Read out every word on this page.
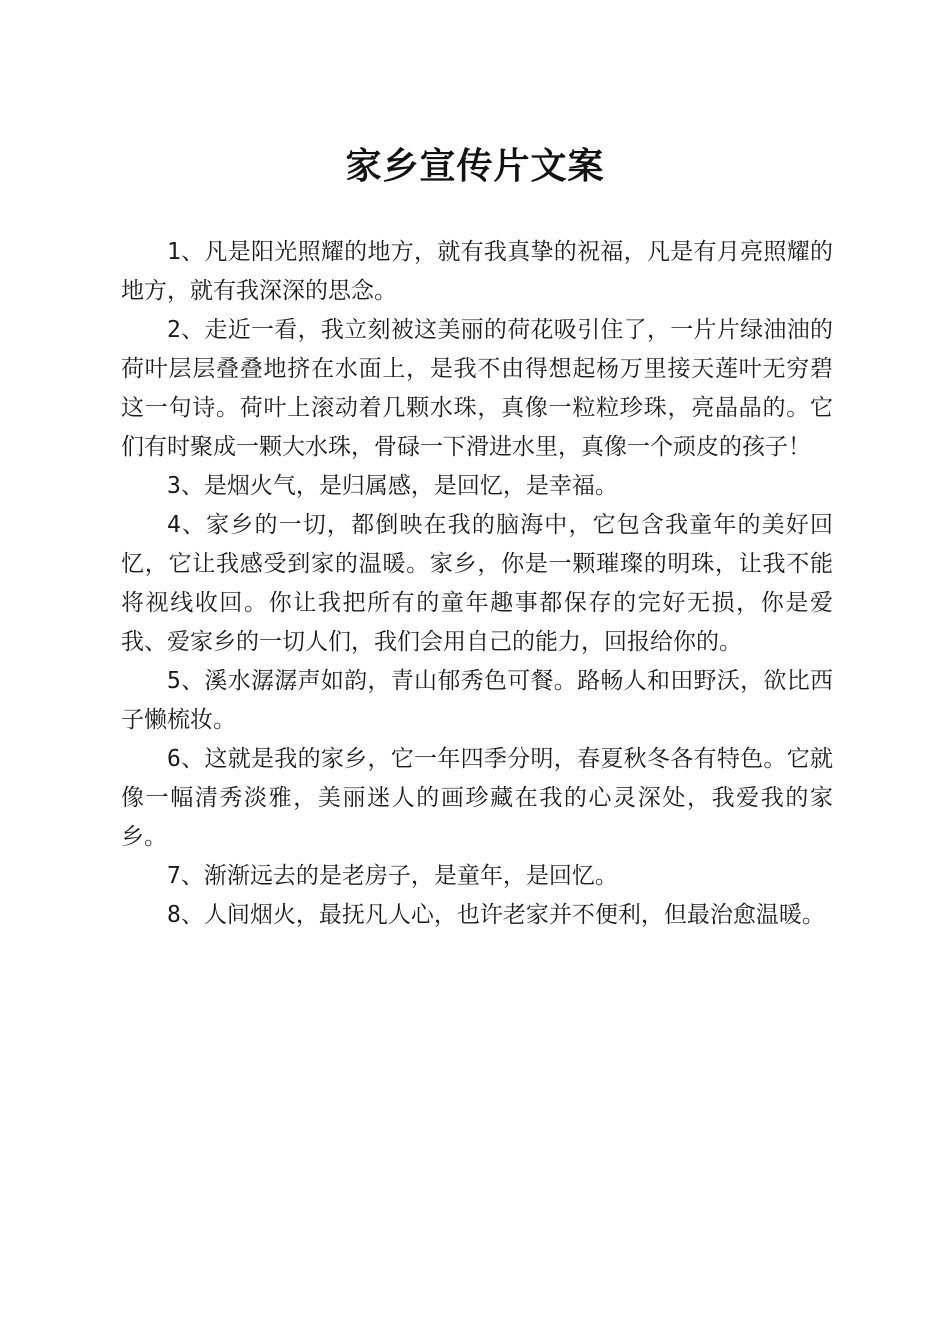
家乡宣传片文案

1、凡是阳光照耀的地方，就有我真挚的祝福，凡是有月亮照耀的地方，就有我深深的思念。

2、走近一看，我立刻被这美丽的荷花吸引住了，一片片绿油油的荷叶层层叠叠地挤在水面上，是我不由得想起杨万里接天莲叶无穷碧这一句诗。荷叶上滚动着几颗水珠，真像一粒粒珍珠，亮晶晶的。它们有时聚成一颗大水珠，骨碌一下滑进水里，真像一个顽皮的孩子！

3、是烟火气，是归属感，是回忆，是幸福。

4、家乡的一切，都倒映在我的脑海中，它包含我童年的美好回忆，它让我感受到家的温暖。家乡，你是一颗璀璨的明珠，让我不能将视线收回。你让我把所有的童年趣事都保存的完好无损，你是爱我、爱家乡的一切人们，我们会用自己的能力，回报给你的。

5、溪水潺潺声如韵，青山郁秀色可餐。路畅人和田野沃，欲比西子懒梳妆。

6、这就是我的家乡，它一年四季分明，春夏秋冬各有特色。它就像一幅清秀淡雅，美丽迷人的画珍藏在我的心灵深处，我爱我的家乡。

7、渐渐远去的是老房子，是童年，是回忆。

8、人间烟火，最抚凡人心，也许老家并不便利，但最治愈温暖。
